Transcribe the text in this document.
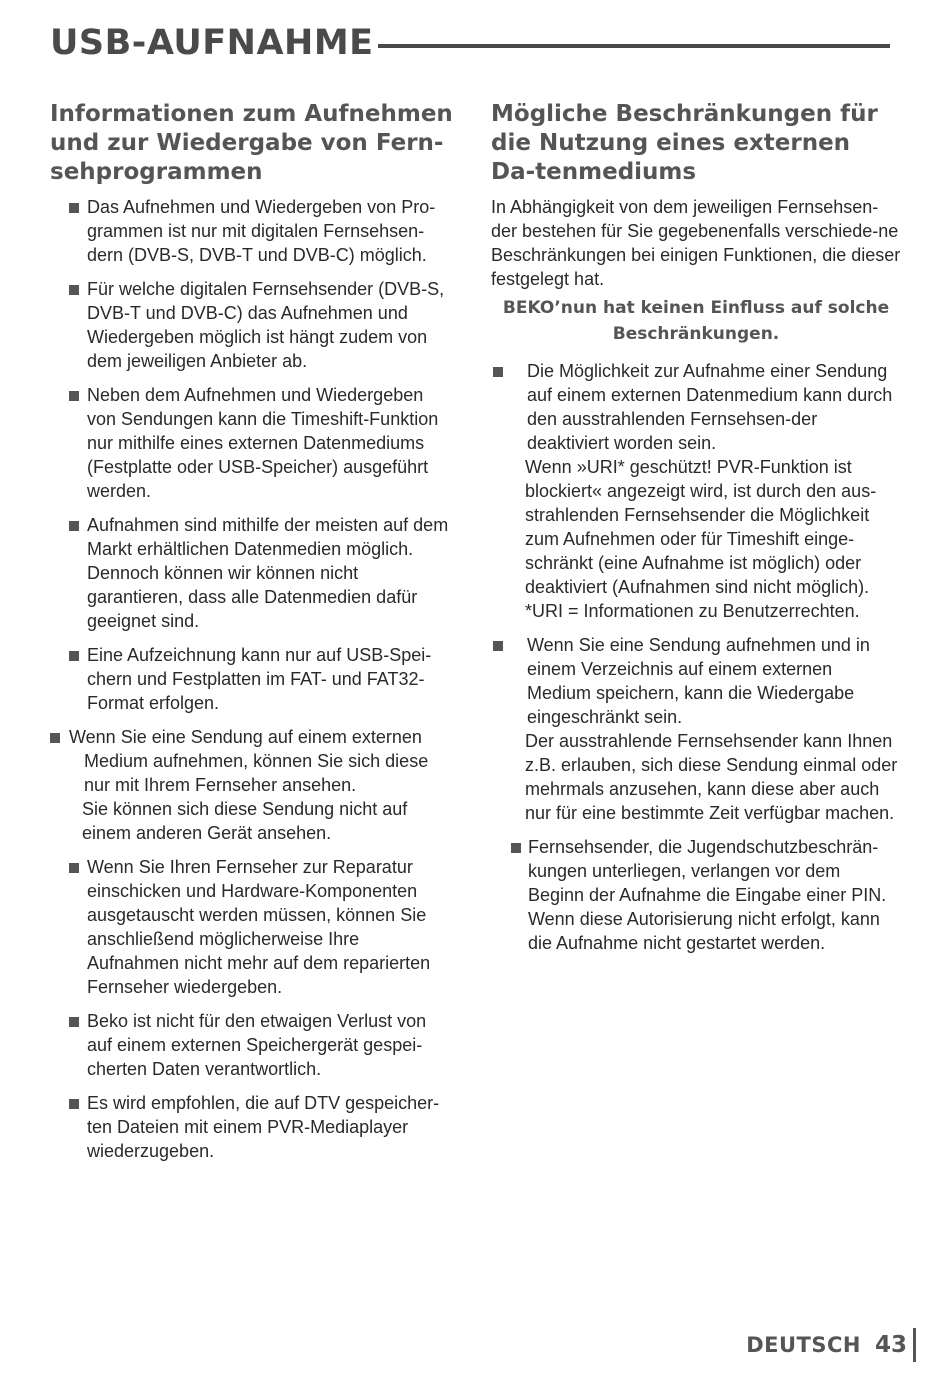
USB-AUFNAHME
Informationen zum Aufnehmen und zur Wiedergabe von Fern-sehprogrammen
Das Aufnehmen und Wiedergeben von Pro-grammen ist nur mit digitalen Fernsehsen-dern (DVB-S, DVB-T und DVB-C) möglich.
Für welche digitalen Fernsehsender (DVB-S, DVB-T und DVB-C) das Aufnehmen und Wiedergeben möglich ist hängt zudem von dem jeweiligen Anbieter ab.
Neben dem Aufnehmen und Wiedergeben von Sendungen kann die Timeshift-Funktion nur mithilfe eines externen Datenmediums (Festplatte oder USB-Speicher) ausgeführt werden.
Aufnahmen sind mithilfe der meisten auf dem Markt erhältlichen Datenmedien möglich. Dennoch können wir können nicht garantieren, dass alle Datenmedien dafür geeignet sind.
Eine Aufzeichnung kann nur auf USB-Spei-chern und Festplatten im FAT- und FAT32-Format erfolgen.
Wenn Sie eine Sendung auf einem externen
Medium aufnehmen, können Sie sich diese nur mit Ihrem Fernseher ansehen.
Sie können sich diese Sendung nicht auf einem anderen Gerät ansehen.
Wenn Sie Ihren Fernseher zur Reparatur einschicken und Hardware-Komponenten ausgetauscht werden müssen, können Sie anschließend möglicherweise Ihre Aufnahmen nicht mehr auf dem reparierten Fernseher wiedergeben.
Beko ist nicht für den etwaigen Verlust von auf einem externen Speichergerät gespei-cherten Daten verantwortlich.
Es wird empfohlen, die auf DTV gespeicher-ten Dateien mit einem PVR-Mediaplayer wiederzugeben.
Mögliche Beschränkungen für die Nutzung eines externen Da-tenmediums
In Abhängigkeit von dem jeweiligen Fernsehsen-der bestehen für Sie gegebenenfalls verschiede-ne Beschränkungen bei einigen Funktionen, die dieser festgelegt hat.
BEKO’nun hat keinen Einfluss auf solche Beschränkungen.
Die Möglichkeit zur Aufnahme einer Sendung auf einem externen Datenmedium kann durch den ausstrahlenden Fernsehsen-der deaktiviert worden sein.
Wenn »URI* geschützt! PVR-Funktion ist blockiert« angezeigt wird, ist durch den aus-strahlenden Fernsehsender die Möglichkeit zum Aufnehmen oder für Timeshift einge-schränkt (eine Aufnahme ist möglich) oder deaktiviert (Aufnahmen sind nicht möglich).
*URI = Informationen zu Benutzerrechten.
Wenn Sie eine Sendung aufnehmen und in einem Verzeichnis auf einem externen Medium speichern, kann die Wiedergabe eingeschränkt sein.
Der ausstrahlende Fernsehsender kann Ihnen z.B. erlauben, sich diese Sendung einmal oder mehrmals anzusehen, kann diese aber auch nur für eine bestimmte Zeit verfügbar machen.
Fernsehsender, die Jugendschutzbeschrän-kungen unterliegen, verlangen vor dem Beginn der Aufnahme die Eingabe einer PIN. Wenn diese Autorisierung nicht erfolgt, kann die Aufnahme nicht gestartet werden.
DEUTSCH 43
